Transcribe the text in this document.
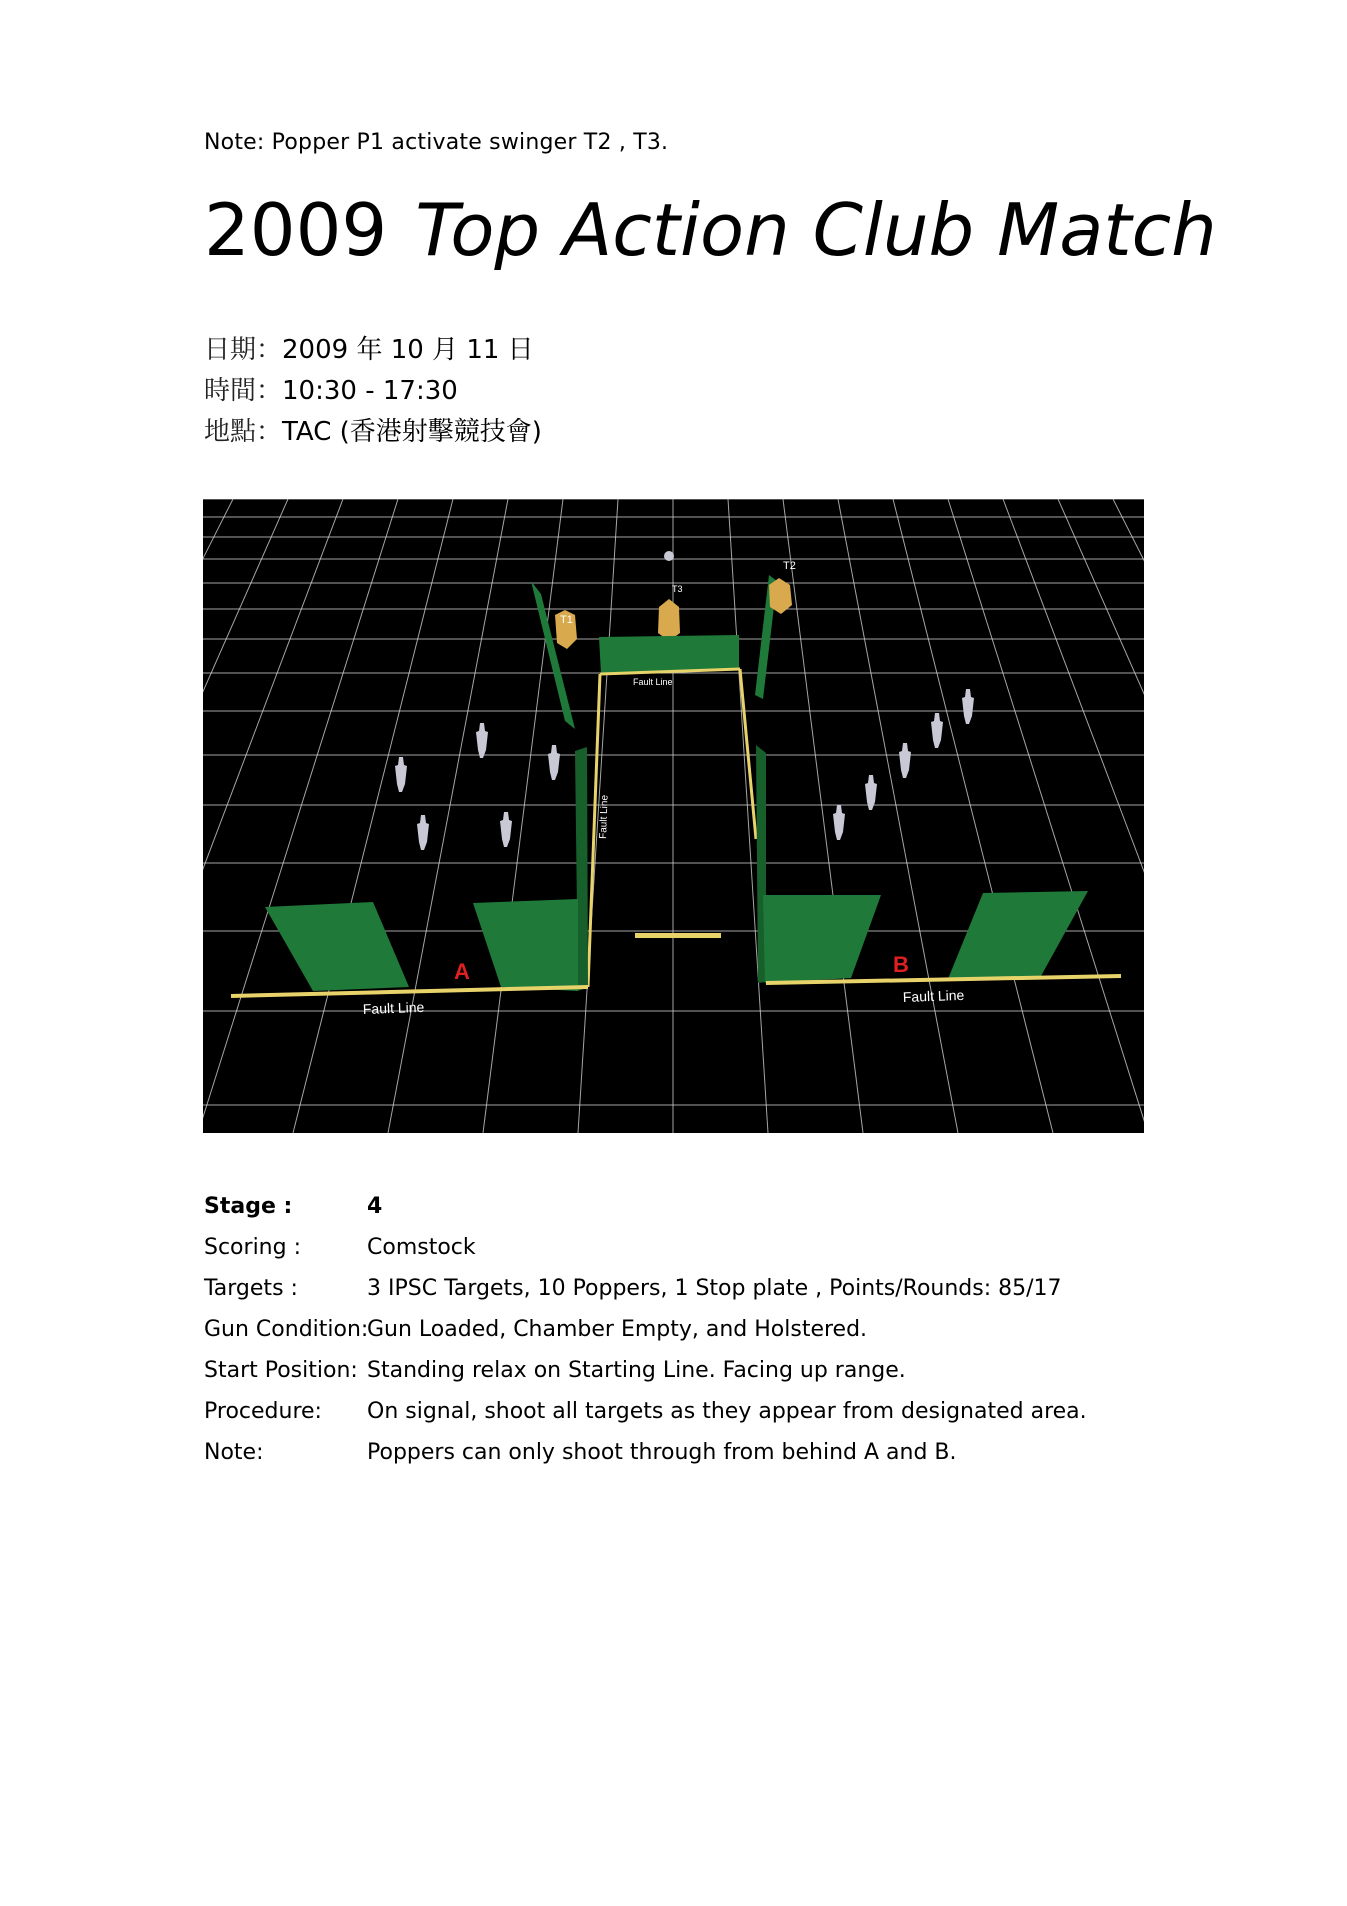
Note: Popper P1 activate swinger T2 , T3.
2009 Top Action Club Match
日期：2009 年 10 月 11 日
時間：10:30 - 17:30
地點：TAC (香港射擊競技會)
T1
T2
T3
Fault Line
Fault Line
Fault Line
Fault Line
A	B
Stage :	4
Scoring :	Comstock
Targets :	3 IPSC Targets, 10 Poppers, 1 Stop plate , Points/Rounds: 85/17
Gun Condition:
Gun Loaded, Chamber Empty, and Holstered.
Start Position: Standing relax on Starting Line. Facing up range.
Procedure: On signal, shoot all targets as they appear from designated area.
Note:	Poppers can only shoot through from behind A and B.
